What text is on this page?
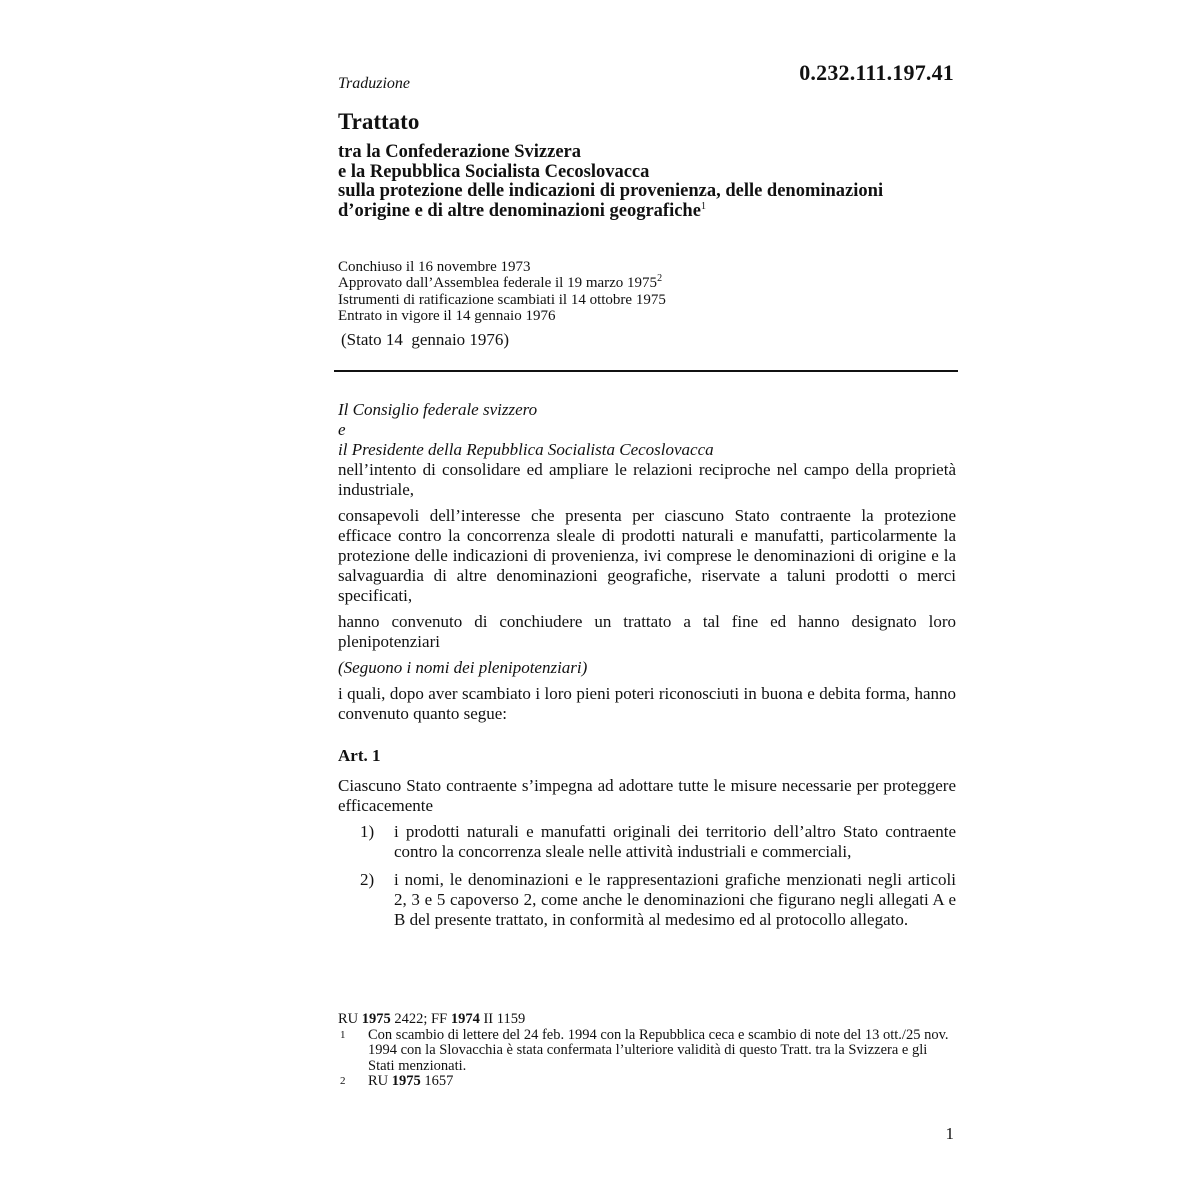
0.232.111.197.41
Traduzione
Trattato
tra la Confederazione Svizzera
e la Repubblica Socialista Cecoslovacca
sulla protezione delle indicazioni di provenienza, delle denominazioni
d’origine e di altre denominazioni geografiche$^1$
Conchiuso il 16 novembre 1973
Approvato dall’Assemblea federale il 19 marzo 1975$^2$
Istrumenti di ratificazione scambiati il 14 ottobre 1975
Entrato in vigore il 14 gennaio 1976
(Stato 14  gennaio 1976)

Il Consiglio federale svizzero

e

il Presidente della Repubblica Socialista Cecoslovacca

nell’intento di consolidare ed ampliare le relazioni reciproche nel campo della proprietà industriale,

consapevoli dell’interesse che presenta per ciascuno Stato contraente la protezione efficace contro la concorrenza sleale di prodotti naturali e manufatti, particolarmente la protezione delle indicazioni di provenienza, ivi comprese le denominazioni di origine e la salvaguardia di altre denominazioni geografiche, riservate a taluni prodotti o merci specificati,

hanno convenuto di conchiudere un trattato a tal fine ed hanno designato loro plenipotenziari

(Seguono i nomi dei plenipotenziari)

i quali, dopo aver scambiato i loro pieni poteri riconosciuti in buona e debita forma, hanno convenuto quanto segue:

Art. 1

Ciascuno Stato contraente s’impegna ad adottare tutte le misure necessarie per proteggere efficacemente

1)	i prodotti naturali e manufatti originali dei territorio dell’altro Stato contraente contro la concorrenza sleale nelle attività industriali e commerciali,
2)	i nomi, le denominazioni e le rappresentazioni grafiche menzionati negli articoli 2, 3 e 5 capoverso 2, come anche le denominazioni che figurano negli allegati A e B del presente trattato, in conformità al medesimo ed al protocollo allegato.
RU 1975 2422; FF 1974 II 1159
1	Con scambio di lettere del 24 feb. 1994 con la Repubblica ceca e scambio di note del 13 ott./25 nov. 1994 con la Slovacchia è stata confermata l’ulteriore validità di questo Tratt. tra la Svizzera e gli Stati menzionati.
2	RU 1975 1657
1
